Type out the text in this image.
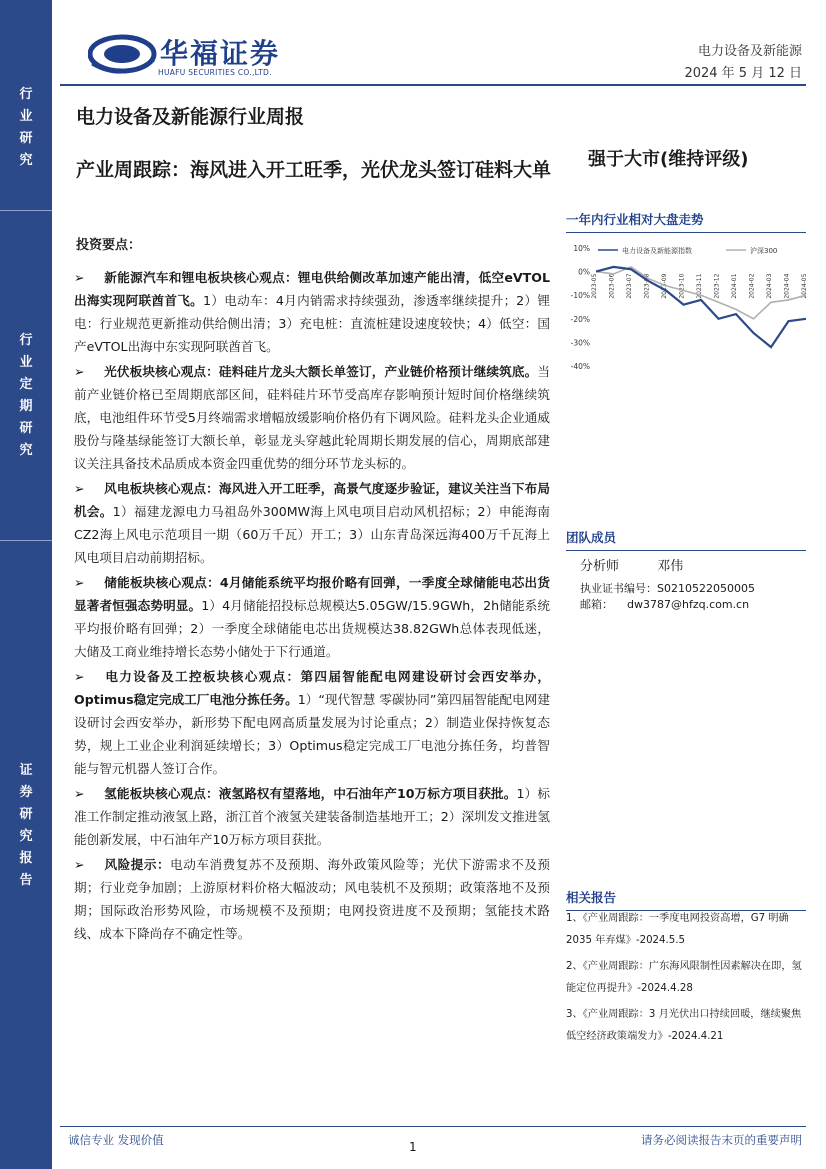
行
业
研
究
行
业
定
期
研
究
证
券
研
究
报
告
华福证券
HUAFU SECURITIES CO.,LTD.
电力设备及新能源
2024 年 5 月 12 日
电力设备及新能源行业周报
产业周跟踪：海风进入开工旺季，光伏龙头签订硅料大单 强于大市(维持评级)
投资要点：
➢ 新能源汽车和锂电板块核心观点：锂电供给侧改革加速产能出清，低空eVTOL出海实现阿联酋首飞。1）电动车：4月内销需求持续强劲，渗透率继续提升；2）锂电：行业规范更新推动供给侧出清；3）充电桩：直流桩建设速度较快；4）低空：国产eVTOL出海中东实现阿联酋首飞。
➢ 光伏板块核心观点：硅料硅片龙头大额长单签订，产业链价格预计继续筑底。当前产业链价格已至周期底部区间，硅料硅片环节受高库存影响预计短时间价格继续筑底，电池组件环节受5月终端需求增幅放缓影响价格仍有下调风险。硅料龙头企业通威股份与隆基绿能签订大额长单，彰显龙头穿越此轮周期长期发展的信心，周期底部建议关注具备技术品质成本资金四重优势的细分环节龙头标的。
➢ 风电板块核心观点：海风进入开工旺季，高景气度逐步验证，建议关注当下布局机会。1）福建龙源电力马祖岛外300MW海上风电项目启动风机招标；2）申能海南CZ2海上风电示范项目一期（60万千瓦）开工；3）山东青岛深远海400万千瓦海上风电项目启动前期招标。
➢ 储能板块核心观点：4月储能系统平均报价略有回弹，一季度全球储能电芯出货显著者恒强态势明显。1）4月储能招投标总规模达5.05GW/15.9GWh，2h储能系统平均报价略有回弹；2）一季度全球储能电芯出货规模达38.82GWh总体表现低迷，大储及工商业维持增长态势小储处于下行通道。
➢ 电力设备及工控板块核心观点：第四届智能配电网建设研讨会西安举办，Optimus稳定完成工厂电池分拣任务。1）“现代智慧 零碳协同”第四届智能配电网建设研讨会西安举办，新形势下配电网高质量发展为讨论重点；2）制造业保持恢复态势，规上工业企业利润延续增长；3）Optimus稳定完成工厂电池分拣任务，均普智能与智元机器人签订合作。
➢ 氢能板块核心观点：液氢路权有望落地，中石油年产10万标方项目获批。1）标准工作制定推动液氢上路，浙江首个液氢关建装备制造基地开工；2）深圳发文推进氢能创新发展，中石油年产10万标方项目获批。
➢ 风险提示：电动车消费复苏不及预期、海外政策风险等；光伏下游需求不及预期；行业竞争加剧；上游原材料价格大幅波动；风电装机不及预期；政策落地不及预期；国际政治形势风险，市场规模不及预期；电网投资进度不及预期；氢能技术路线、成本下降尚存不确定性等。
一年内行业相对大盘走势
10%
0%
-10%
-20%
-30%
-40%
2023-05 2023-06 2023-07 2023-08 2023-09 2023-10 2023-11 2023-12 2024-01 2024-02 2024-03 2024-04 2024-05
电力设备及新能源指数	沪深300
团队成员
分析师	邓伟
执业证书编号：S0210522050005
邮箱： dw3787@hfzq.com.cn
相关报告
1、《产业周跟踪：一季度电网投资高增，G7 明确 2035 年弃煤》-2024.5.5
2、《产业周跟踪：广东海风限制性因素解决在即，氢能定位再提升》-2024.4.28
3、《产业周跟踪：3 月光伏出口持续回暖，继续聚焦低空经济政策端发力》-2024.4.21
诚信专业 发现价值	1	请务必阅读报告末页的重要声明
